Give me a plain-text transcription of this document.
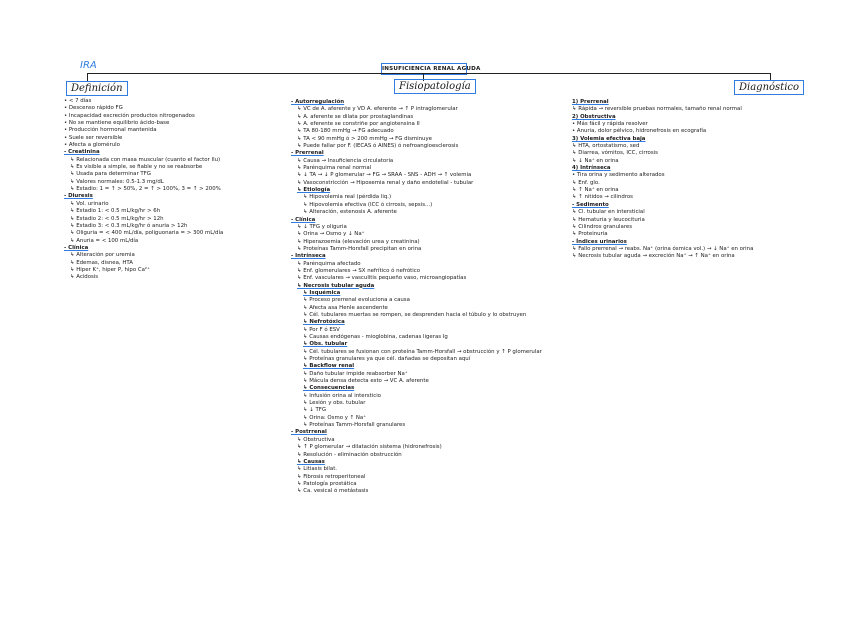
IRA	INSUFICIENCIA RENAL AGUDA
Definición	Fisiopatología	Diagnóstico
• < 7 días
• Descenso rápido FG
• Incapacidad excreción productos nitrogenados
• No se mantiene equilibrio ácido-base
• Producción hormonal mantenida
• Suele ser reversible
• Afecta a glomérulo
- Creatinina
↳ Relacionada con masa muscular (cuanto el factor Ilu)
↳ Es visible a simple, se fiable y no se reabsorbe
↳ Usada para determinar TFG
↳ Valores normales: 0.5-1.3 mg/dL
↳ Estadio: 1 = ↑ > 50%, 2 = ↑ > 100%, 3 = ↑ > 200%
- Diuresis
↳ Vol. urinario
↳ Estadio 1: < 0.5 mL/kg/hr > 6h
↳ Estadio 2: < 0.5 mL/kg/hr > 12h
↳ Estadio 3: < 0.3 mL/kg/hr ó anuria > 12h
↳ Oliguria = < 400 mL/día, poliguonaria = > 300 mL/día
↳ Anuria = < 100 mL/día
- Clínica
↳ Alteración por uremia
↳ Edemas, disnea, HTA
↳ Hiper K⁺, hiper P, hipo Ca²⁺
↳ Acidosis
- Autorregulación
↳ VC de A. aferente y VD A. eferente → ↑ P intraglomerular
↳ A. aferente se dilata por prostaglandinas
↳ A. eferente se constriñe por angiotensina II
↳ TA 80-180 mmHg → FG adecuado
↳ TA < 90 mmHg ó > 200 mmHg → FG disminuye
↳ Puede fallar por F. (IECAS ó AINES) ó nefroangioesclerosis
- Prerrenal
↳ Causa → Insuficiencia circulatoria
↳ Parénquima renal normal
↳ ↓ TA → ↓ P glomerular → FG → SRAA - SNS - ADH → ↑ volemia
↳ Vasoconstricción → Hipoxemia renal y daño endotelial - tubular
↳ Etiología
↳ Hipovolemia real (pérdida liq.)
↳ Hipovolemia efectiva (ICC ó cirrosis, sepsis...)
↳ Alteración, estenosis A. aferente
- Clínica
↳ ↓ TFG y oliguria
↳ Orina → Osmo y ↓ Na⁺
↳ Hiperazoemia (elevación urea y creatinina)
↳ Proteínas Tamm-Horsfall precipitan en orina
- Intrínseca
↳ Parénquima afectado
↳ Enf. glomerulares → SX nefrítico ó nefrótico
↳ Enf. vasculares → vasculitis pequeño vaso, microangiopatías
↳ Necrosis tubular aguda
↳ Isquémica
↳ Proceso prerrenal evoluciona a causa
↳ Afecta asa Henle ascendente
↳ Cél. tubulares muertas se rompen, se desprenden hacia el túbulo y lo obstruyen
↳ Nefrotóxica
↳ Por F ó ESV
↳ Causas endógenas - mioglobina, cadenas ligeras Ig
↳ Obs. tubular
↳ Cél. tubulares se fusionan con proteína Tamm-Horsfall → obstrucción y ↑ P glomerular
↳ Proteínas granulares ya que cél. dañadas se depositan aquí
↳ Backflow renal
↳ Daño tubular impide reabsorber Na⁺
↳ Mácula densa detecta esto → VC A. aferente
↳ Consecuencias
↳ Infusión orina al intersticio
↳ Lesión y obs. tubular
↳ ↓ TFG
↳ Orina: Osmo y ↑ Na⁺
↳ Proteínas Tamm-Horsfall granulares
- Postrrenal
↳ Obstructiva
↳ ↑ P glomerular → dilatación sistema (hidronefrosis)
↳ Resolución - eliminación obstrucción
↳ Causas
↳ Litiasis bilat.
↳ Fibrosis retroperitoneal
↳ Patología prostática
↳ Ca. vesical ó metástasis
1) Prerrenal
↳ Rápida → reversible pruebas normales, tamaño renal normal
2) Obstructiva
• Más fácil y rápida resolver
• Anuria, dolor pélvico, hidronefrosis en ecografía
3) Volemia efectiva baja
↳ HTA, ortostatismo, sed
↳ Diarrea, vómitos, ICC, cirrosis
↳ ↓ Na⁺ en orina
4) Intrínseca
• Tira orina y sedimento alterados
↳ Enf. glo.
↳ ↑ Na⁺ en orina
↳ ↑ nitidos → cilindros
- Sedimento
↳ Cl. tubular en intersticial
↳ Hematuria y leucocituria
↳ Cilindros granulares
↳ Proteinuria
- Índices urinarios
↳ Fallo prerrenal → reabs. Na⁺ (orina ósmica vol.) → ↓ Na⁺ en orina
↳ Necrosis tubular aguda → excreción Na⁺ → ↑ Na⁺ en orina
